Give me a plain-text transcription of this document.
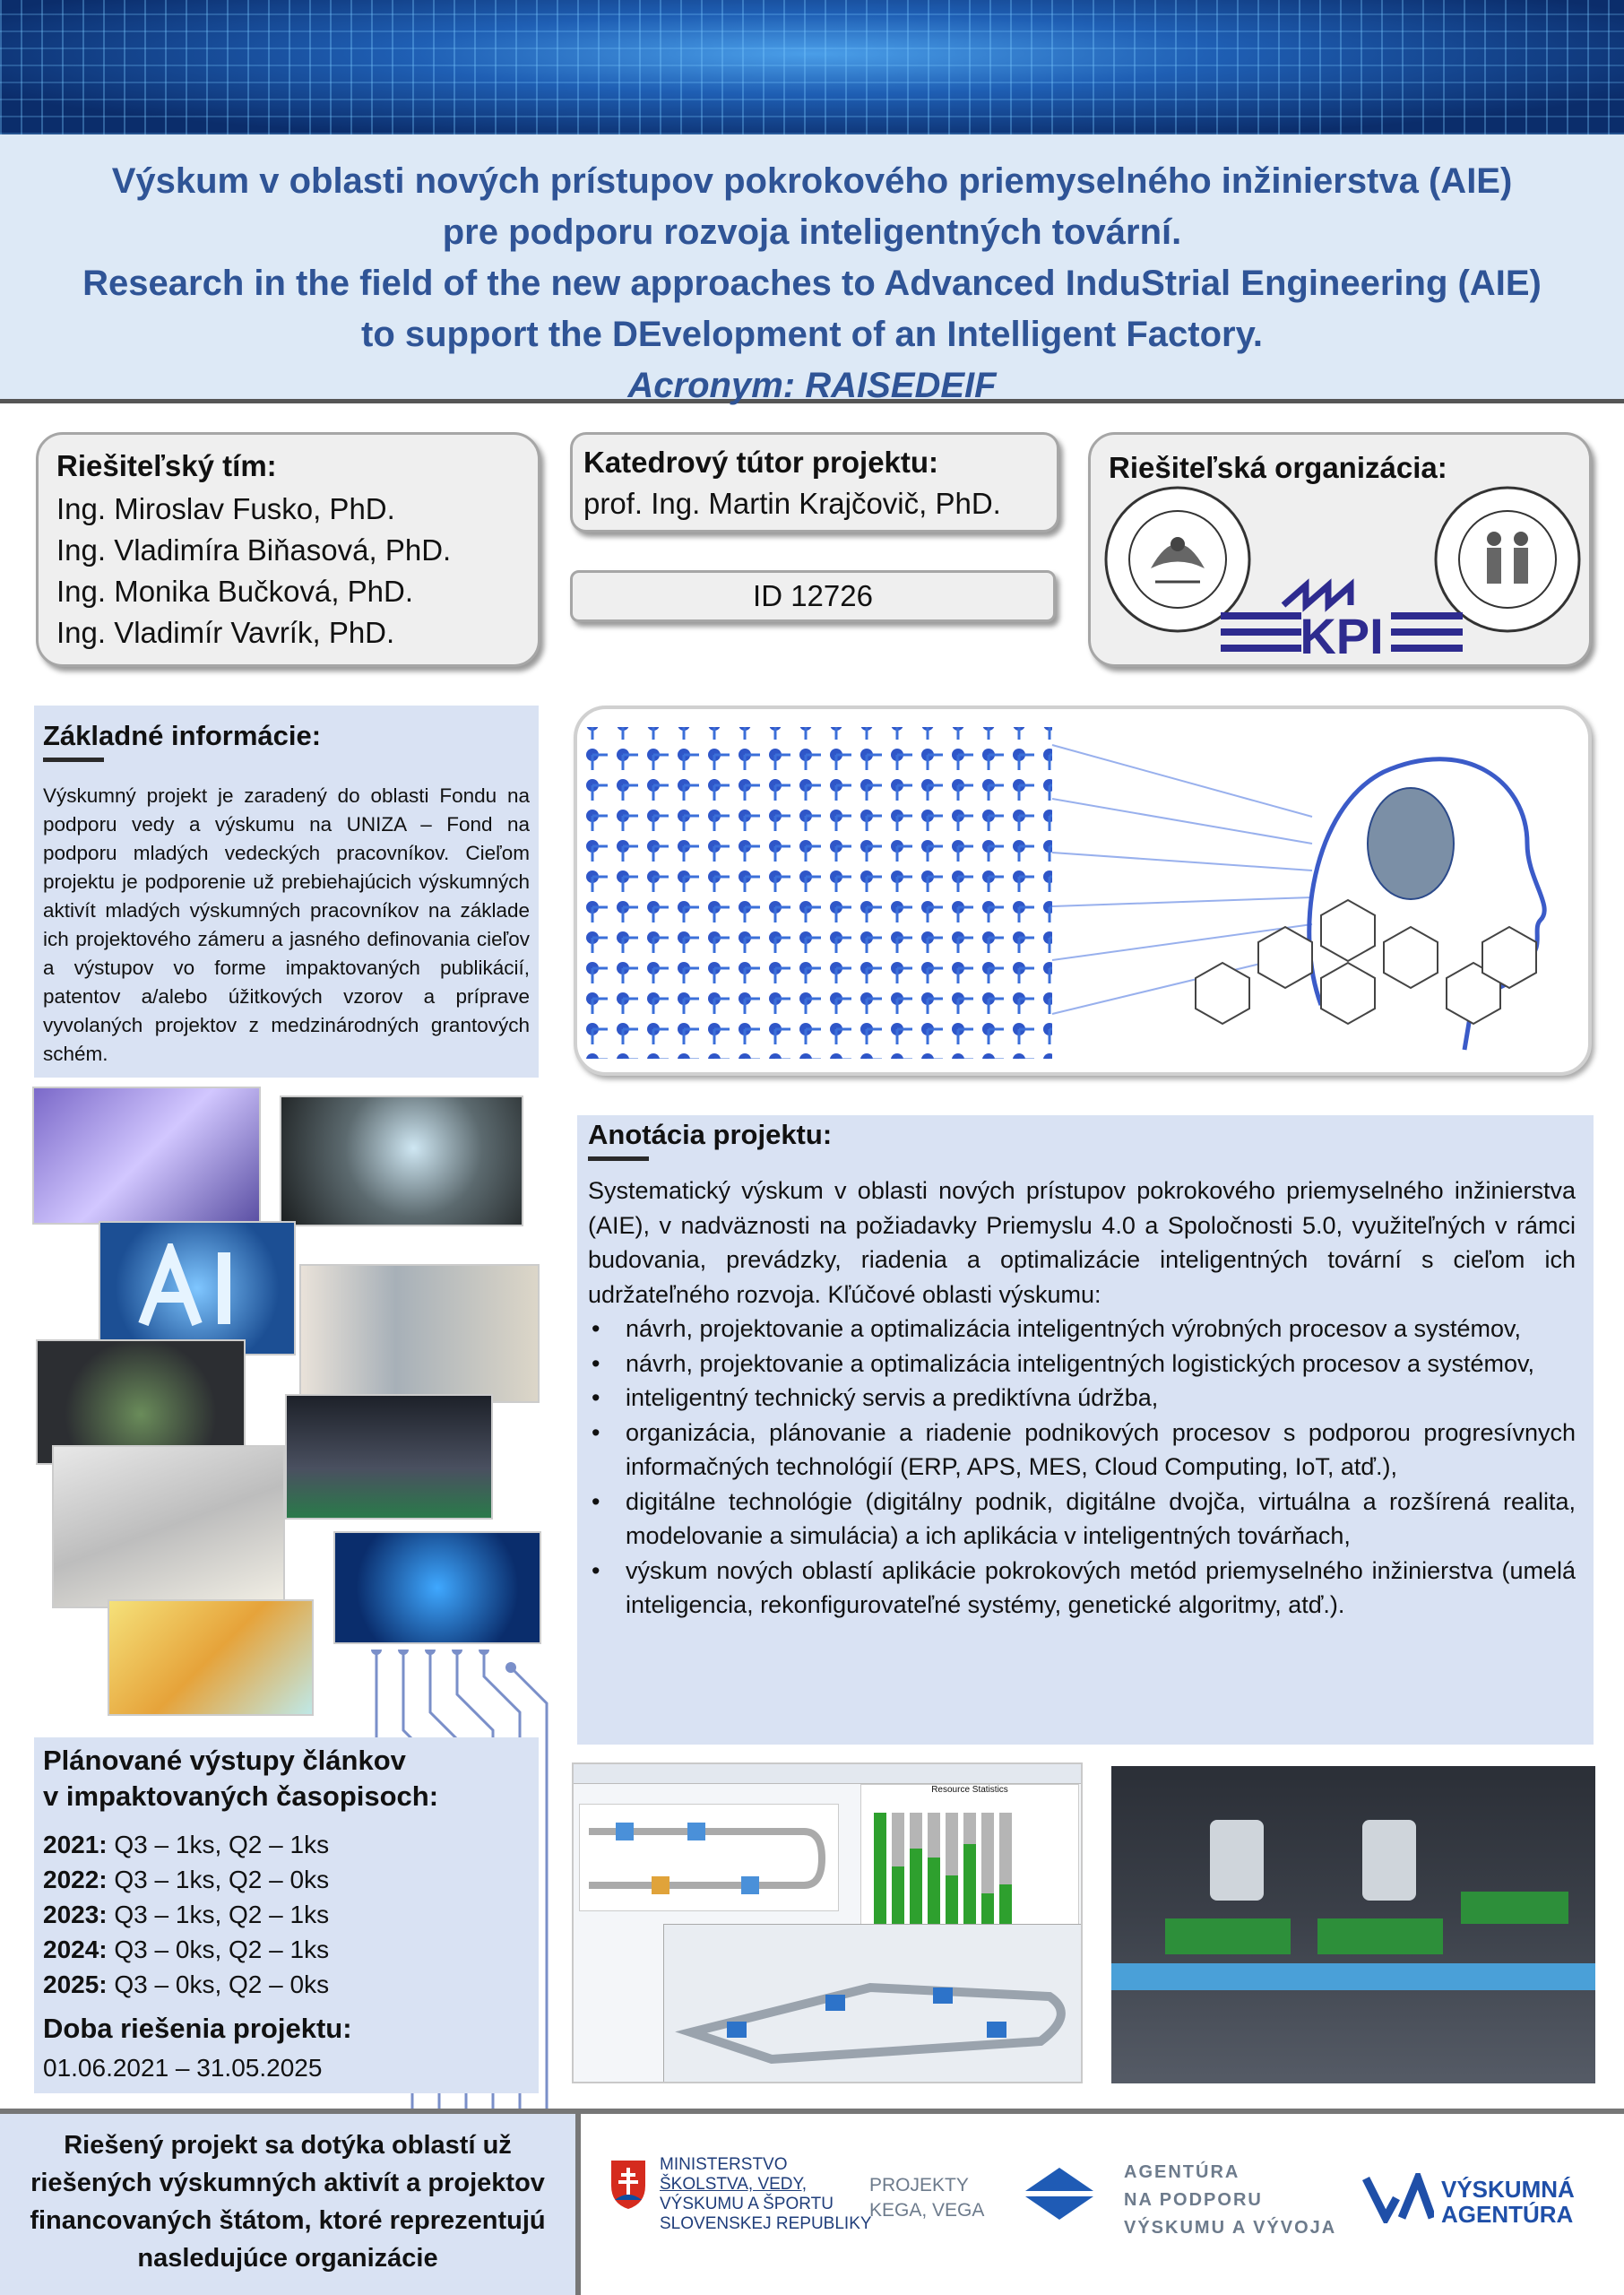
Výskum v oblasti nových prístupov pokrokového priemyselného inžinierstva (AIE)
pre podporu rozvoja inteligentných tovární.
Research in the field of the new approaches to Advanced InduStrial Engineering (AIE)
to support the DEvelopment of an Intelligent Factory.
Acronym: RAISEDEIF
Riešiteľský tím:
Ing. Miroslav Fusko, PhD.
Ing. Vladimíra Biňasová, PhD.
Ing. Monika Bučková, PhD.
Ing. Vladimír Vavrík, PhD.
Katedrový tútor projektu:
prof. Ing. Martin Krajčovič, PhD.
ID 12726
Riešiteľská organizácia:
KPI
Základné informácie:
Výskumný projekt je zaradený do oblasti Fondu na podporu vedy a výskumu na UNIZA – Fond na podporu mladých vedeckých pracovníkov. Cieľom projektu je podporenie už prebiehajúcich výskumných aktivít mladých výskumných pracovníkov na základe ich projektového zámeru a jasného definovania cieľov a výstupov vo forme impaktovaných publikácií, patentov a/alebo úžitkových vzorov a príprave vyvolaných projektov z medzinárodných grantových schém.
Anotácia projektu:
Systematický výskum v oblasti nových prístupov pokrokového priemyselného inžinierstva (AIE), v nadväznosti na požiadavky Priemyslu 4.0 a Spoločnosti 5.0, využiteľných v rámci budovania, prevádzky, riadenia a optimalizácie inteligentných tovární s cieľom ich udržateľného rozvoja. Kľúčové oblasti výskumu:
• návrh, projektovanie a optimalizácia inteligentných výrobných procesov a systémov,
• návrh, projektovanie a optimalizácia inteligentných logistických procesov a systémov,
• inteligentný technický servis a prediktívna údržba,
• organizácia, plánovanie a riadenie podnikových procesov s podporou progresívnych informačných technológií (ERP, APS, MES, Cloud Computing, IoT, atď.),
• digitálne technológie (digitálny podnik, digitálne dvojča, virtuálna a rozšírená realita, modelovanie a simulácia) a ich aplikácia v inteligentných továrňach,
• výskum nových oblastí aplikácie pokrokových metód priemyselného inžinierstva (umelá inteligencia, rekonfigurovateľné systémy, genetické algoritmy, atď.).
Plánované výstupy článkov
v impaktovaných časopisoch:
2021: Q3 – 1ks, Q2 – 1ks
2022: Q3 – 1ks, Q2 – 0ks
2023: Q3 – 1ks, Q2 – 1ks
2024: Q3 – 0ks, Q2 – 1ks
2025: Q3 – 0ks, Q2 – 0ks
Doba riešenia projektu:
01.06.2021 – 31.05.2025
Resource Statistics
Riešený projekt sa dotýka oblastí už riešených výskumných aktivít a projektov financovaných štátom, ktoré reprezentujú nasledujúce organizácie
MINISTERSTVO
ŠKOLSTVA, VEDY,
VÝSKUMU A ŠPORTU
SLOVENSKEJ REPUBLIKY
PROJEKTY
KEGA, VEGA
AGENTÚRA
NA PODPORU
VÝSKUMU A VÝVOJA
VÝSKUMNÁ
AGENTÚRA
